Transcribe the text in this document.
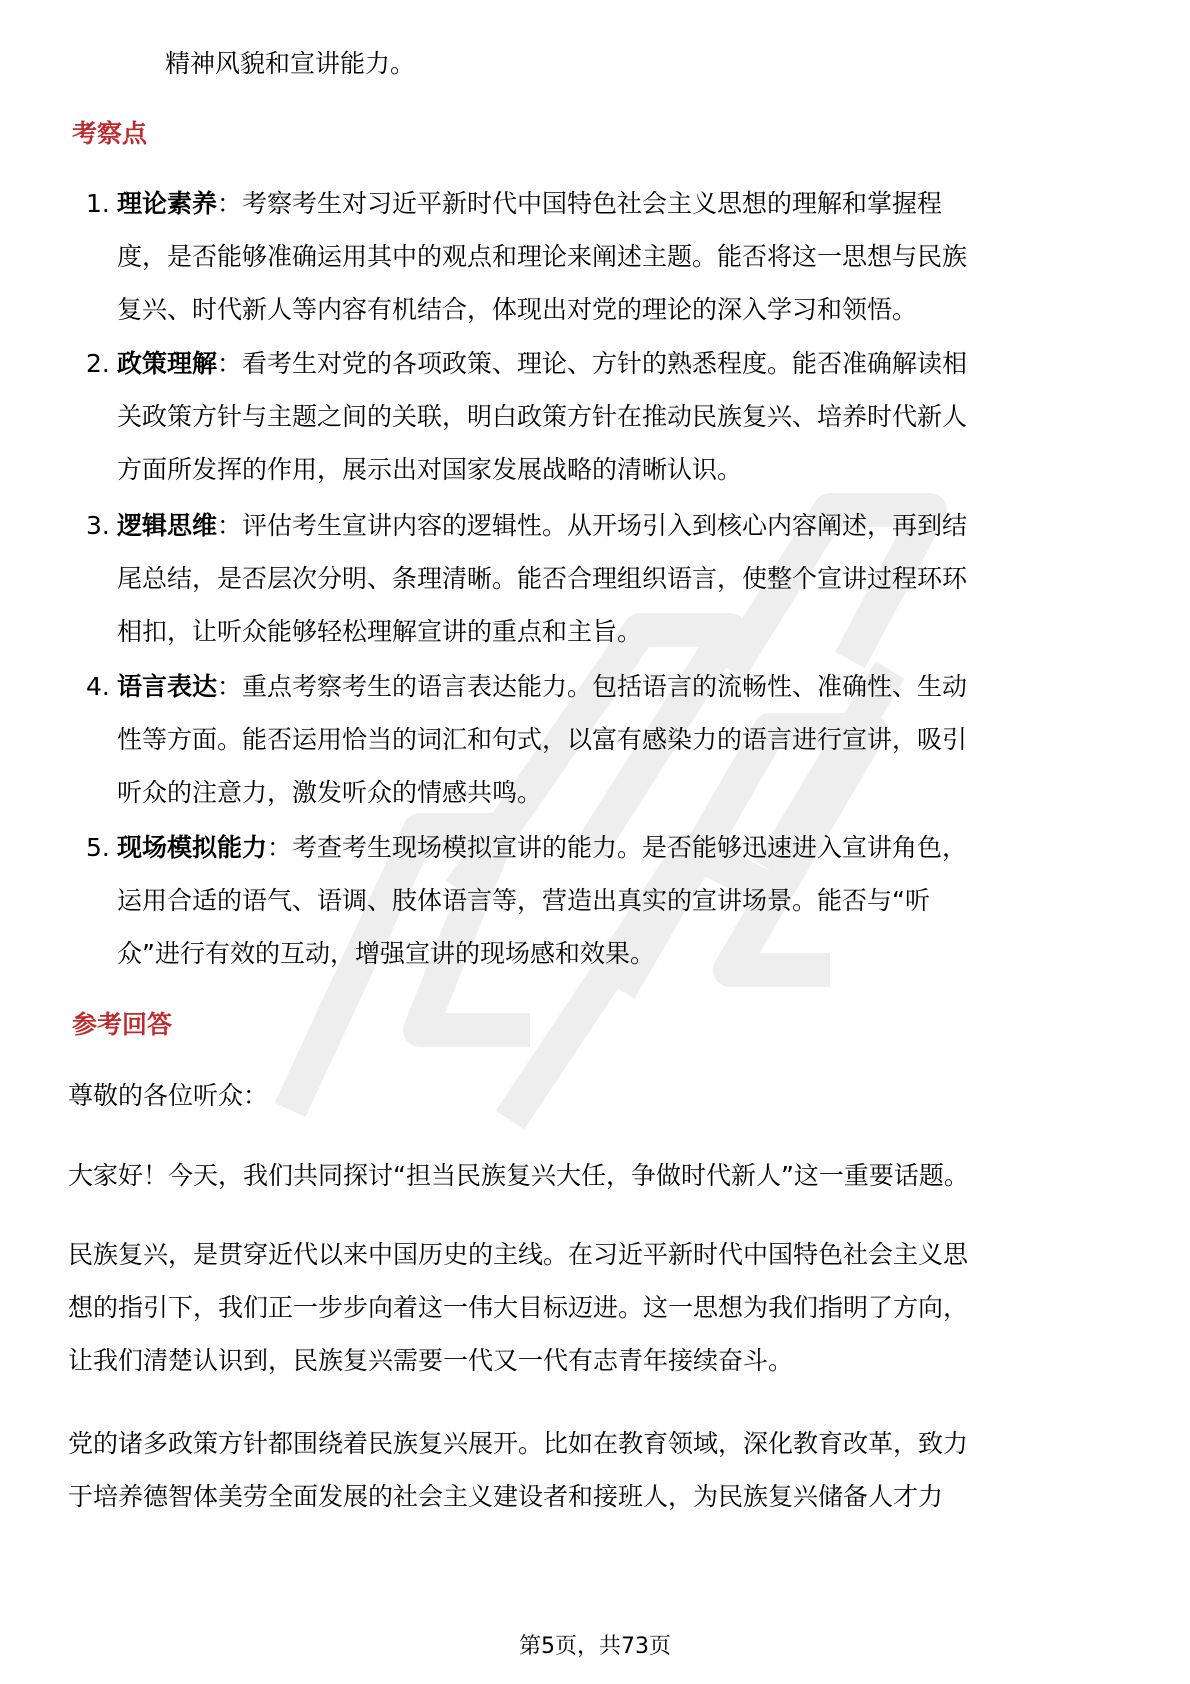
精神风貌和宣讲能力。
考察点
1. 理论素养：考察考生对习近平新时代中国特色社会主义思想的理解和掌握程
度，是否能够准确运用其中的观点和理论来阐述主题。能否将这一思想与民族
复兴、时代新人等内容有机结合，体现出对党的理论的深入学习和领悟。
2. 政策理解：看考生对党的各项政策、理论、方针的熟悉程度。能否准确解读相
关政策方针与主题之间的关联，明白政策方针在推动民族复兴、培养时代新人
方面所发挥的作用，展示出对国家发展战略的清晰认识。
3. 逻辑思维：评估考生宣讲内容的逻辑性。从开场引入到核心内容阐述，再到结
尾总结，是否层次分明、条理清晰。能否合理组织语言，使整个宣讲过程环环
相扣，让听众能够轻松理解宣讲的重点和主旨。
4. 语言表达：重点考察考生的语言表达能力。包括语言的流畅性、准确性、生动
性等方面。能否运用恰当的词汇和句式，以富有感染力的语言进行宣讲，吸引
听众的注意力，激发听众的情感共鸣。
5. 现场模拟能力：考查考生现场模拟宣讲的能力。是否能够迅速进入宣讲角色，
运用合适的语气、语调、肢体语言等，营造出真实的宣讲场景。能否与“听
众”进行有效的互动，增强宣讲的现场感和效果。
参考回答
尊敬的各位听众：
大家好！今天，我们共同探讨“担当民族复兴大任，争做时代新人”这一重要话题。
民族复兴，是贯穿近代以来中国历史的主线。在习近平新时代中国特色社会主义思
想的指引下，我们正一步步向着这一伟大目标迈进。这一思想为我们指明了方向，
让我们清楚认识到，民族复兴需要一代又一代有志青年接续奋斗。
党的诸多政策方针都围绕着民族复兴展开。比如在教育领域，深化教育改革，致力
于培养德智体美劳全面发展的社会主义建设者和接班人，为民族复兴储备人才力
第5页，共73页
